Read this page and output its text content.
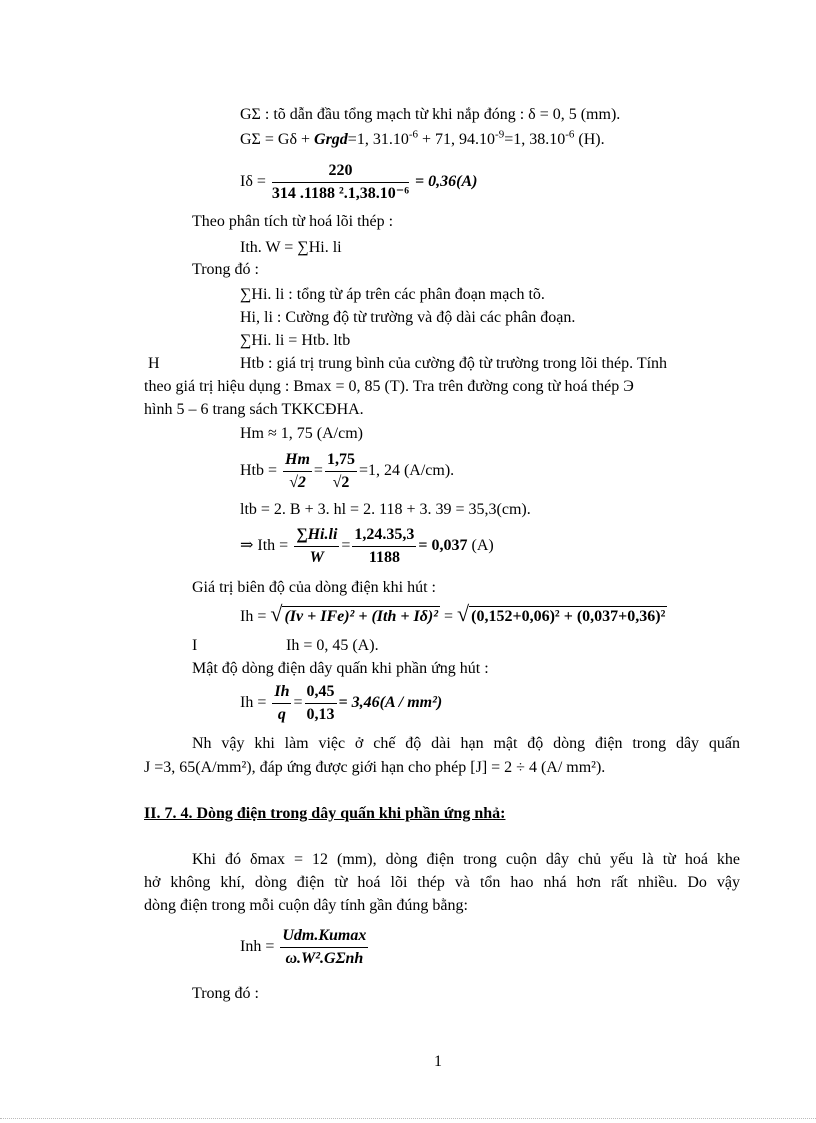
GΣ : tõ dẫn đầu tổng mạch từ khi nắp đóng : δ = 0, 5 (mm).
GΣ = Gδ + Grgd=1, $31.10^{-6} + 71$, $94.10^{-9}=1$, $38.10^{-6}$ (H).
$I\delta = \frac{220}{\text{314 .1188 ².1,38.10⁻⁶}} = 0,36(A)$
Theo phân tích từ hoá lõi thép :
Ith. W = ∑Hi. li
Trong đó :
∑Hi. li : tổng từ áp trên các phân đoạn mạch tõ.
Hi, li : Cường độ từ trường và độ dài các phân đoạn.
∑Hi. li = Htb. ltb
H	Htb : giá trị trung bình của cường độ từ trường trong lõi thép. Tính
theo giá trị hiệu dụng : Bmax = 0, 85 (T). Tra trên đường cong từ hoá thép Э
hình 5 – 6 trang sách TKKCĐHA.
Hm ≈ 1, 75 (A/cm)
Htb = $\frac{Hm}{√2} = \frac{1,75}{√2} =1$, 24 (A/cm).
ltb = 2. B + 3. hl = 2. 118 + 3. 39 = 35,3(cm).
⇒ Ith = $\frac{\sum Hi.li}{W} = \frac{1,24.35,3}{1188} = 0,037$ (A)
Giá trị biên độ của dòng điện khi hút :
Ih = √ (Iv + IFe)² + (Ith + Iδ)² = √ (0,152+0,06)² + (0,037+0,36)²
I	Ih = 0, 45 (A).
Mật độ dòng điện dây quấn khi phần ứng hút :
$Ih = \frac{Ih}{q} = \frac{0,45}{0,13} = 3,46(A / mm^2)$
Nh vậy khi làm việc ở chế độ dài hạn mật độ dòng điện trong dây quấn
J =3, 65(A/mm²), đáp ứng được giới hạn cho phép [J] = 2 ÷ 4 (A/ mm²).
II. 7. 4. Dòng điện trong dây quấn khi phần ứng nhả:
Khi đó δmax = 12 (mm), dòng điện trong cuộn dây chủ yếu là từ hoá khe
hở không khí, dòng điện từ hoá lõi thép và tổn hao nhá hơn rất nhiều. Do vậy
dòng điện trong mỗi cuộn dây tính gần đúng bằng:
Inh = $\frac{\text{Udm.Kumax}}{\text{ω.W².GΣnh}}$
Trong đó :
1
